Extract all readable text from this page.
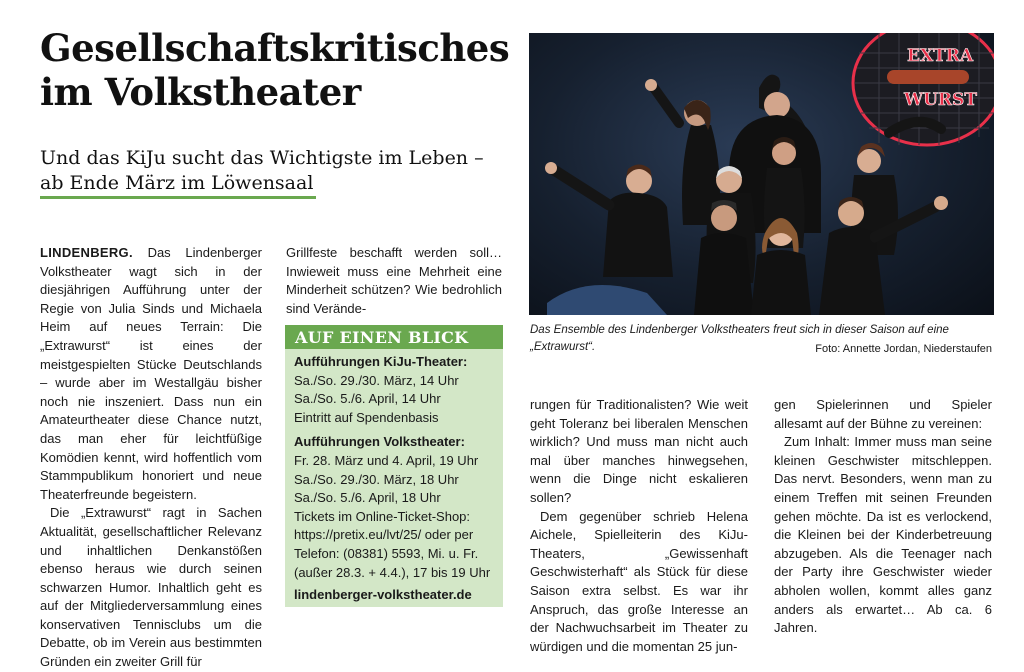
Gesellschaftskritisches
im Volkstheater
Und das KiJu sucht das Wichtigste im Leben –
ab Ende März im Löwensaal

LINDENBERG. Das Lindenberger Volkstheater wagt sich in der diesjährigen Aufführung unter der Regie von Julia Sinds und Michaela Heim auf neues Terrain: Die „Extrawurst“ ist eines der meistgespielten Stücke Deutschlands – wurde aber im Westallgäu bisher noch nie inszeniert. Dass nun ein Amateurtheater diese Chance nutzt, das man eher für leichtfüßige Komödien kennt, wird hoffentlich vom Stammpublikum honoriert und neue Theaterfreunde begeistern.

Die „Extrawurst“ ragt in Sachen Aktualität, gesellschaftlicher Relevanz und inhaltlichen Denkanstößen ebenso heraus wie durch seinen schwarzen Humor. Inhaltlich geht es auf der Mitgliederversammlung eines konservativen Tennisclubs um die Debatte, ob im Verein aus bestimmten Gründen ein zweiter Grill für

Grillfeste beschafft werden soll… Inwieweit muss eine Mehrheit eine Minderheit schützen? Wie bedrohlich sind Verände-

AUF EINEN BLICK
Aufführungen KiJu-Theater:
Sa./So. 29./30. März, 14 Uhr
Sa./So. 5./6. April, 14 Uhr
Eintritt auf Spendenbasis
Aufführungen Volkstheater:
Fr. 28. März und 4. April, 19 Uhr
Sa./So. 29./30. März, 18 Uhr
Sa./So. 5./6. April, 18 Uhr
Tickets im Online-Ticket-Shop:
https://pretix.eu/lvt/25/ oder per
Telefon: (08381) 5593, Mi. u. Fr.
(außer 28.3. + 4.4.), 17 bis 19 Uhr
lindenberger-volkstheater.de
EXTRA
WURST
Das Ensemble des Lindenberger Volkstheaters freut sich in dieser Saison auf eine „Extrawurst“.	Foto: Annette Jordan, Niederstaufen

rungen für Traditionalisten? Wie weit geht Toleranz bei liberalen Menschen wirklich? Und muss man nicht auch mal über manches hinwegsehen, wenn die Dinge nicht eskalieren sollen?

Dem gegenüber schrieb Helena Aichele, Spielleiterin des KiJu-Theaters, „Gewissenhaft Geschwisterhaft“ als Stück für diese Saison extra selbst. Es war ihr Anspruch, das große Interesse an der Nachwuchsarbeit im Theater zu würdigen und die momentan 25 jun-

gen Spielerinnen und Spieler allesamt auf der Bühne zu vereinen:

Zum Inhalt: Immer muss man seine kleinen Geschwister mitschleppen. Das nervt. Besonders, wenn man zu einem Treffen mit seinen Freunden gehen möchte. Da ist es verlockend, die Kleinen bei der Kinderbetreuung abzugeben. Als die Teenager nach der Party ihre Geschwister wieder abholen wollen, kommt alles ganz anders als erwartet… Ab ca. 6 Jahren.
